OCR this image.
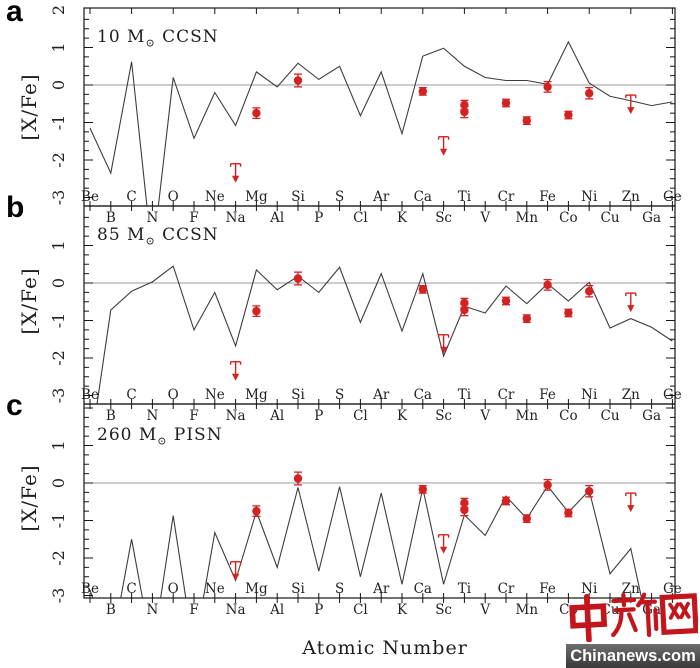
2
1
0
-1
-2
-3 Be
B
C
N
O
F
Ne
Na
Mg
Al
Si
P
S
Cl
Ar
K
Ca
Sc
Ti
V
Cr
Mn
Fe
Co
Ni
Cu
Zn
Ga
Ge
1
0
-1
-2
-3 Be
B
C
N
O
F
Ne
Na
Mg
Al
Si
P
S
Cl
Ar
K
Ca
Sc
Ti
V
Cr
Mn
Fe
Co
Ni
Cu
Zn
Ga
Ge
1
0
-1
-2
-3 Be
B
C
N
O
F
Ne
Na
Mg
Al
Si
P
S
Cl
Ar
K
Ca
Sc
Ti
V
Cr
Mn
Fe
Co
Ni
Cu
Zn
Ga
Ge
a
b
c
[X/Fe]
[X/Fe]
[X/Fe]
10 $M_⊙$ CCSN
85 $M_⊙$ CCSN
260 $M_⊙$ PISN
Atomic Number	Chinanews.com
